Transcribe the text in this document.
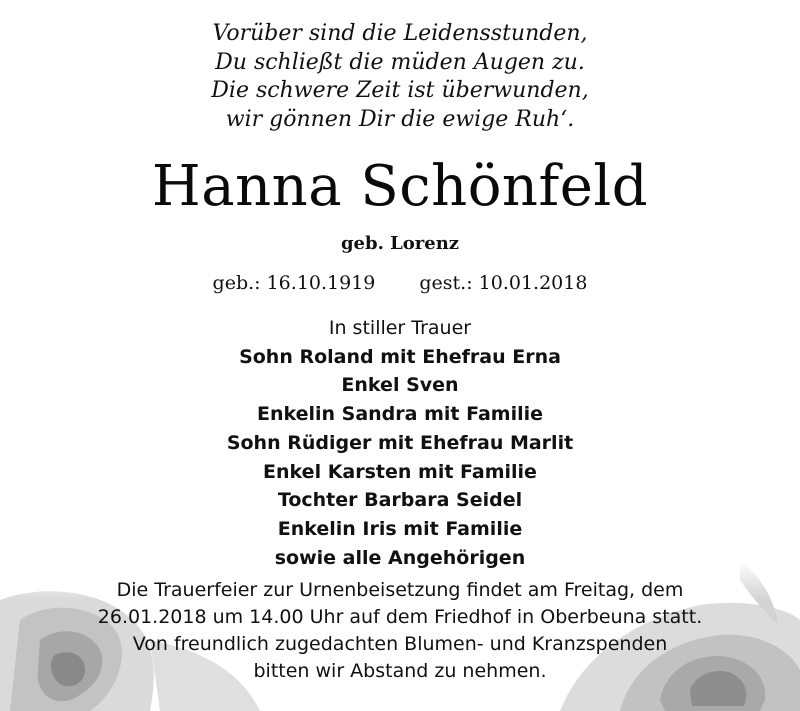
Vorüber sind die Leidensstunden,
Du schließt die müden Augen zu.
Die schwere Zeit ist überwunden,
wir gönnen Dir die ewige Ruh‘.
Hanna Schönfeld
geb. Lorenz
geb.: 16.10.1919 gest.: 10.01.2018
In stiller Trauer
Sohn Roland mit Ehefrau Erna
Enkel Sven
Enkelin Sandra mit Familie
Sohn Rüdiger mit Ehefrau Marlit
Enkel Karsten mit Familie
Tochter Barbara Seidel
Enkelin Iris mit Familie
sowie alle Angehörigen
Die Trauerfeier zur Urnenbeisetzung findet am Freitag, dem
26.01.2018 um 14.00 Uhr auf dem Friedhof in Oberbeuna statt.
Von freundlich zugedachten Blumen- und Kranzspenden
bitten wir Abstand zu nehmen.
